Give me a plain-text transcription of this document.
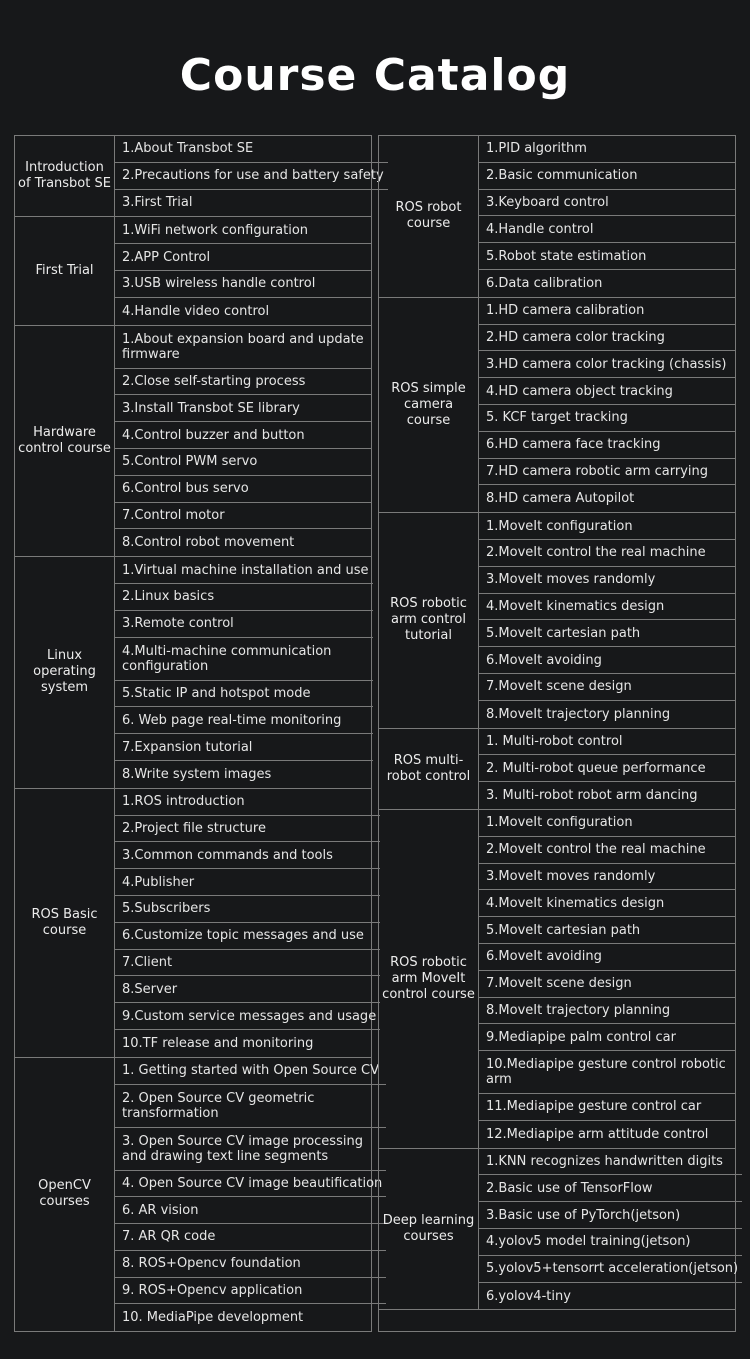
Course Catalog
Introduction of Transbot SE
1.About Transbot SE
2.Precautions for use and battery safety
3.First Trial
First Trial
1.WiFi network configuration
2.APP Control
3.USB wireless handle control
4.Handle video control
Hardware control course
1.About expansion board and update firmware
2.Close self-starting process
3.Install Transbot SE library
4.Control buzzer and button
5.Control PWM servo
6.Control bus servo
7.Control motor
8.Control robot movement
Linux operating system
1.Virtual machine installation and use
2.Linux basics
3.Remote control
4.Multi-machine communication configuration
5.Static IP and hotspot mode
6. Web page real-time monitoring
7.Expansion tutorial
8.Write system images
ROS Basic course
1.ROS introduction
2.Project file structure
3.Common commands and tools
4.Publisher
5.Subscribers
6.Customize topic messages and use
7.Client
8.Server
9.Custom service messages and usage
10.TF release and monitoring
OpenCV courses
1. Getting started with Open Source CV
2. Open Source CV geometric transformation
3. Open Source CV image processing and drawing text line segments
4. Open Source CV image beautification
6. AR vision
7. AR QR code
8. ROS+Opencv foundation
9. ROS+Opencv application
10. MediaPipe development
ROS robot course
1.PID algorithm
2.Basic communication
3.Keyboard control
4.Handle control
5.Robot state estimation
6.Data calibration
ROS simple camera course
1.HD camera calibration
2.HD camera color tracking
3.HD camera color tracking (chassis)
4.HD camera object tracking
5. KCF target tracking
6.HD camera face tracking
7.HD camera robotic arm carrying
8.HD camera Autopilot
ROS robotic arm control tutorial
1.MoveIt configuration
2.MoveIt control the real machine
3.MoveIt moves randomly
4.MoveIt kinematics design
5.MoveIt cartesian path
6.MoveIt avoiding
7.MoveIt scene design
8.MoveIt trajectory planning
ROS multi-robot control
1. Multi-robot control
2. Multi-robot queue performance
3. Multi-robot robot arm dancing
ROS robotic arm MoveIt control course
1.MoveIt configuration
2.MoveIt control the real machine
3.MoveIt moves randomly
4.MoveIt kinematics design
5.MoveIt cartesian path
6.MoveIt avoiding
7.MoveIt scene design
8.MoveIt trajectory planning
9.Mediapipe palm control car
10.Mediapipe gesture control robotic arm
11.Mediapipe gesture control car
12.Mediapipe arm attitude control
Deep learning courses
1.KNN recognizes handwritten digits
2.Basic use of TensorFlow
3.Basic use of PyTorch(jetson)
4.yolov5 model training(jetson)
5.yolov5+tensorrt acceleration(jetson)
6.yolov4-tiny
